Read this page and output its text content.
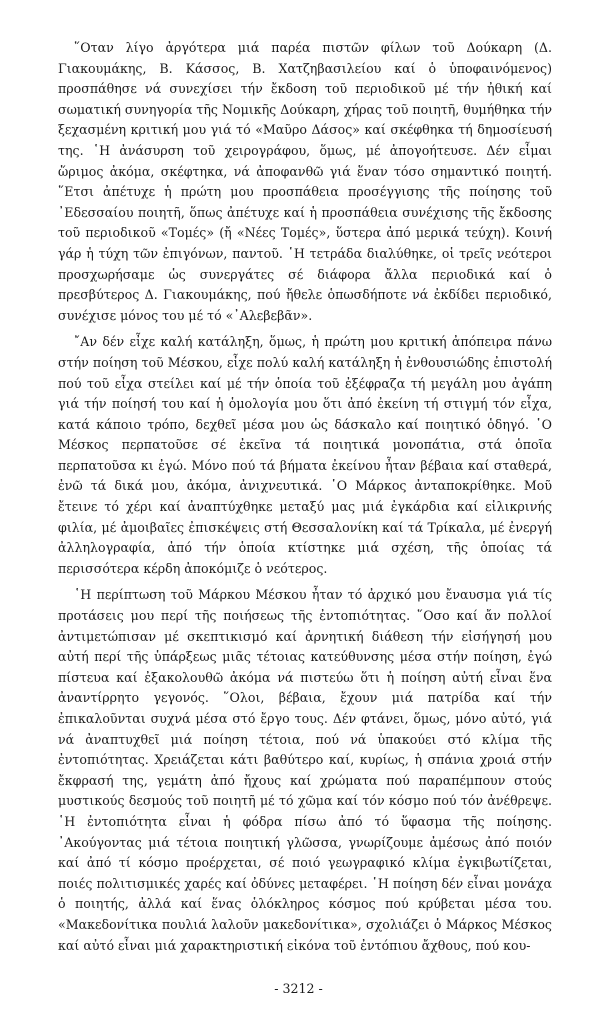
῞Οταν λίγο ἀργότερα μιά παρέα πιστῶν φίλων τοῦ Δούκαρη (Δ. Γιακουμάκης, Β. Κάσσος, Β. Χατζηβασιλείου καί ὁ ὑποφαινόμενος) προσπάθησε νά συνεχίσει τήν ἔκδοση τοῦ περιοδικοῦ μέ τήν ἠθική καί σωματική συνηγορία τῆς Νομικῆς Δούκαρη, χήρας τοῦ ποιητῆ, θυμήθηκα τήν ξεχασμένη κριτική μου γιά τό «Μαῦρο Δάσος» καί σκέφθηκα τή δημοσίευσή της. ῾Η ἀνάσυρση τοῦ χειρογράφου, ὅμως, μέ ἀπογοήτευσε. Δέν εἶμαι ὥριμος ἀκόμα, σκέφτηκα, νά ἀποφανθῶ γιά ἕναν τόσο σημαντικό ποιητή. ῞Ετσι ἀπέτυχε ἡ πρώτη μου προσπάθεια προσέγγισης τῆς ποίησης τοῦ ᾽Εδεσσαίου ποιητῆ, ὅπως ἀπέτυχε καί ἡ προσπάθεια συνέχισης τῆς ἔκδοσης τοῦ περιοδικοῦ «Τομές» (ἤ «Νέες Τομές», ὕστερα ἀπό μερικά τεύχη). Κοινή γάρ ἡ τύχη τῶν ἐπιγόνων, παντοῦ. ῾Η τετράδα διαλύθηκε, οἱ τρεῖς νεότεροι προσχωρήσαμε ὡς συνεργάτες σέ διάφορα ἄλλα περιοδικά καί ὁ πρεσβύτερος Δ. Γιακουμάκης, πού ἤθελε ὁπωσδήποτε νά ἐκδίδει περιοδικό, συνέχισε μόνος του μέ τό «᾽Αλεβεβᾶν».

῎Αν δέν εἶχε καλή κατάληξη, ὅμως, ἡ πρώτη μου κριτική ἀπόπειρα πάνω στήν ποίηση τοῦ Μέσκου, εἶχε πολύ καλή κατάληξη ἡ ἐνθουσιώδης ἐπιστολή πού τοῦ εἶχα στείλει καί μέ τήν ὁποία τοῦ ἐξέφραζα τή μεγάλη μου ἀγάπη γιά τήν ποίησή του καί ἡ ὁμολογία μου ὅτι ἀπό ἐκείνη τή στιγμή τόν εἶχα, κατά κάποιο τρόπο, δεχθεῖ μέσα μου ὡς δάσκαλο καί ποιητικό ὁδηγό. ῾Ο Μέσκος περπατοῦσε σέ ἐκεῖνα τά ποιητικά μονοπάτια, στά ὁποῖα περπατοῦσα κι ἐγώ. Μόνο πού τά βήματα ἐκείνου ἦταν βέβαια καί σταθερά, ἐνῶ τά δικά μου, ἀκόμα, ἀνιχνευτικά. ῾Ο Μάρκος ἀνταποκρίθηκε. Μοῦ ἔτεινε τό χέρι καί ἀναπτύχθηκε μεταξύ μας μιά ἐγκάρδια καί εἰλικρινής φιλία, μέ ἀμοιβαῖες ἐπισκέψεις στή Θεσσαλονίκη καί τά Τρίκαλα, μέ ἐνεργή ἀλληλογραφία, ἀπό τήν ὁποία κτίστηκε μιά σχέση, τῆς ὁποίας τά περισσότερα κέρδη ἀποκόμιζε ὁ νεότερος.

῾Η περίπτωση τοῦ Μάρκου Μέσκου ἦταν τό ἀρχικό μου ἔναυσμα γιά τίς προτάσεις μου περί τῆς ποιήσεως τῆς ἐντοπιότητας. ῞Οσο καί ἄν πολλοί ἀντιμετώπισαν μέ σκεπτικισμό καί ἀρνητική διάθεση τήν εἰσήγησή μου αὐτή περί τῆς ὑπάρξεως μιᾶς τέτοιας κατεύθυνσης μέσα στήν ποίηση, ἐγώ πίστευα καί ἐξακολουθῶ ἀκόμα νά πιστεύω ὅτι ἡ ποίηση αὐτή εἶναι ἕνα ἀναντίρρητο γεγονός. ῞Ολοι, βέβαια, ἔχουν μιά πατρίδα καί τήν ἐπικαλοῦνται συχνά μέσα στό ἔργο τους. Δέν φτάνει, ὅμως, μόνο αὐτό, γιά νά ἀναπτυχθεῖ μιά ποίηση τέτοια, πού νά ὑπακούει στό κλίμα τῆς ἐντοπιότητας. Χρειάζεται κάτι βαθύτερο καί, κυρίως, ἡ σπάνια χροιά στήν ἔκφρασή της, γεμάτη ἀπό ἤχους καί χρώματα πού παραπέμπουν στούς μυστικούς δεσμούς τοῦ ποιητῆ μέ τό χῶμα καί τόν κόσμο πού τόν ἀνέθρεψε. ῾Η ἐντοπιότητα εἶναι ἡ φόδρα πίσω ἀπό τό ὕφασμα τῆς ποίησης. ᾽Ακούγοντας μιά τέτοια ποιητική γλῶσσα, γνωρίζουμε ἀμέσως ἀπό ποιόν καί ἀπό τί κόσμο προέρχεται, σέ ποιό γεωγραφικό κλίμα ἐγκιβωτίζεται, ποιές πολιτισμικές χαρές καί ὀδύνες μεταφέρει. ῾Η ποίηση δέν εἶναι μονάχα ὁ ποιητής, ἀλλά καί ἕνας ὁλόκληρος κόσμος πού κρύβεται μέσα του. «Μακεδονίτικα πουλιά λαλοῦν μακεδονίτικα», σχολιάζει ὁ Μάρκος Μέσκος καί αὐτό εἶναι μιά χαρακτηριστική εἰκόνα τοῦ ἐντόπιου ἄχθους, πού κου-

- 3212 -
